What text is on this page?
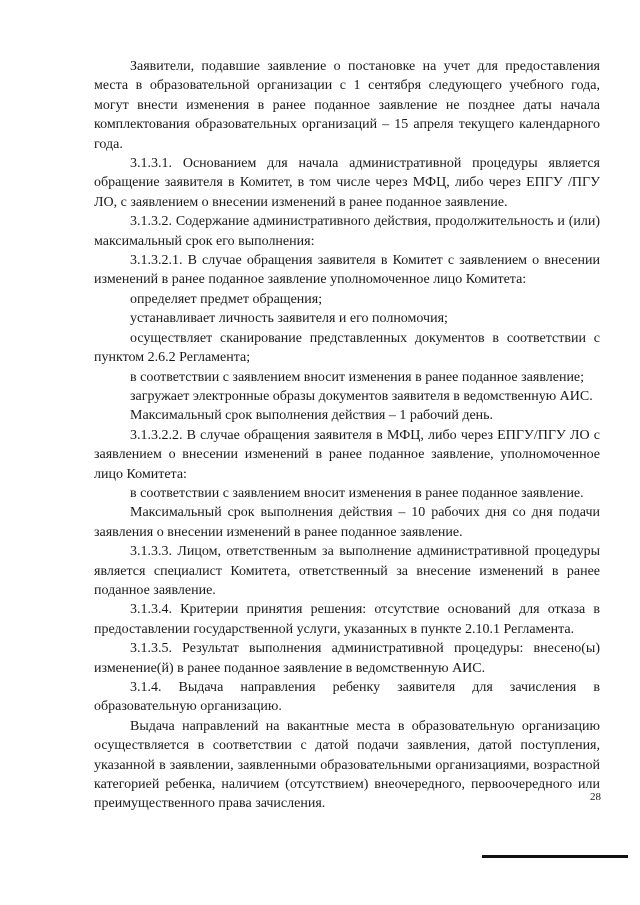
Заявители, подавшие заявление о постановке на учет для предоставления места в образовательной организации с 1 сентября следующего учебного года, могут внести изменения в ранее поданное заявление не позднее даты начала комплектования образовательных организаций – 15 апреля текущего календарного года.

3.1.3.1. Основанием для начала административной процедуры является обращение заявителя в Комитет, в том числе через МФЦ, либо через ЕПГУ /ПГУ ЛО, с заявлением о внесении изменений в ранее поданное заявление.

3.1.3.2. Содержание административного действия, продолжительность и (или) максимальный срок его выполнения:

3.1.3.2.1. В случае обращения заявителя в Комитет с заявлением о внесении изменений в ранее поданное заявление уполномоченное лицо Комитета:

определяет предмет обращения;

устанавливает личность заявителя и его полномочия;

осуществляет сканирование представленных документов в соответствии с пунктом 2.6.2 Регламента;

в соответствии с заявлением вносит изменения в ранее поданное заявление;

загружает электронные образы документов заявителя в ведомственную АИС.

Максимальный срок выполнения действия – 1 рабочий день.

3.1.3.2.2. В случае обращения заявителя в МФЦ, либо через ЕПГУ/ПГУ ЛО с заявлением о внесении изменений в ранее поданное заявление, уполномоченное лицо Комитета:

в соответствии с заявлением вносит изменения в ранее поданное заявление.

Максимальный срок выполнения действия – 10 рабочих дня со дня подачи заявления о внесении изменений в ранее поданное заявление.

3.1.3.3. Лицом, ответственным за выполнение административной процедуры является специалист Комитета, ответственный за внесение изменений в ранее поданное заявление.

3.1.3.4. Критерии принятия решения: отсутствие оснований для отказа в предоставлении государственной услуги, указанных в пункте 2.10.1 Регламента.

3.1.3.5. Результат выполнения административной процедуры: внесено(ы) изменение(й) в ранее поданное заявление в ведомственную АИС.

3.1.4. Выдача направления ребенку заявителя для зачисления в образовательную организацию.

Выдача направлений на вакантные места в образовательную организацию осуществляется в соответствии с датой подачи заявления, датой поступления, указанной в заявлении, заявленными образовательными организациями, возрастной категорией ребенка, наличием (отсутствием) внеочередного, первоочередного или преимущественного права зачисления.	28
